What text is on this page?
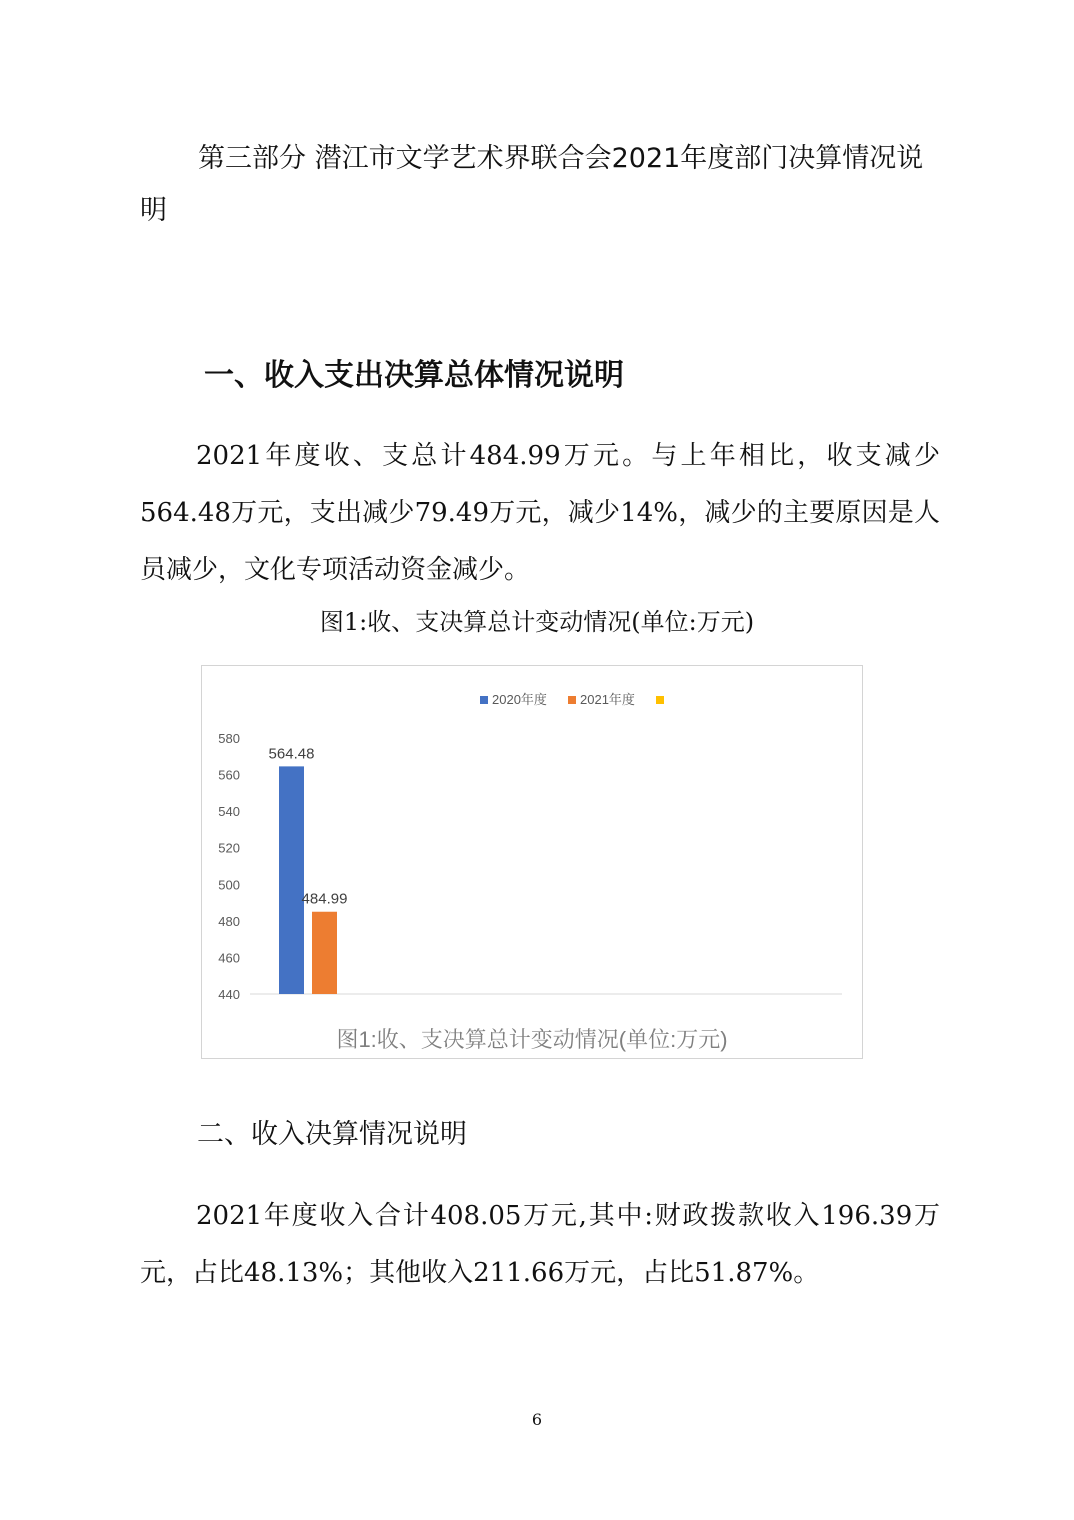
第三部分 潜江市文学艺术界联合会2021年度部门决算情况说明
一、收入支出决算总体情况说明

2021年度收、支总计484.99万元。与上年相比，收支减少564.48万元，支出减少79.49万元，减少14%，减少的主要原因是人员减少，文化专项活动资金减少。

图1:收、支决算总计变动情况(单位:万元)

440
460
480
500
520
540
560
580
564.48
484.99
2020年度	2021年度
图1:收、支决算总计变动情况(单位:万元)
二、收入决算情况说明

2021年度收入合计408.05万元,其中:财政拨款收入196.39万元，占比48.13%；其他收入211.66万元，占比51.87%。

6
